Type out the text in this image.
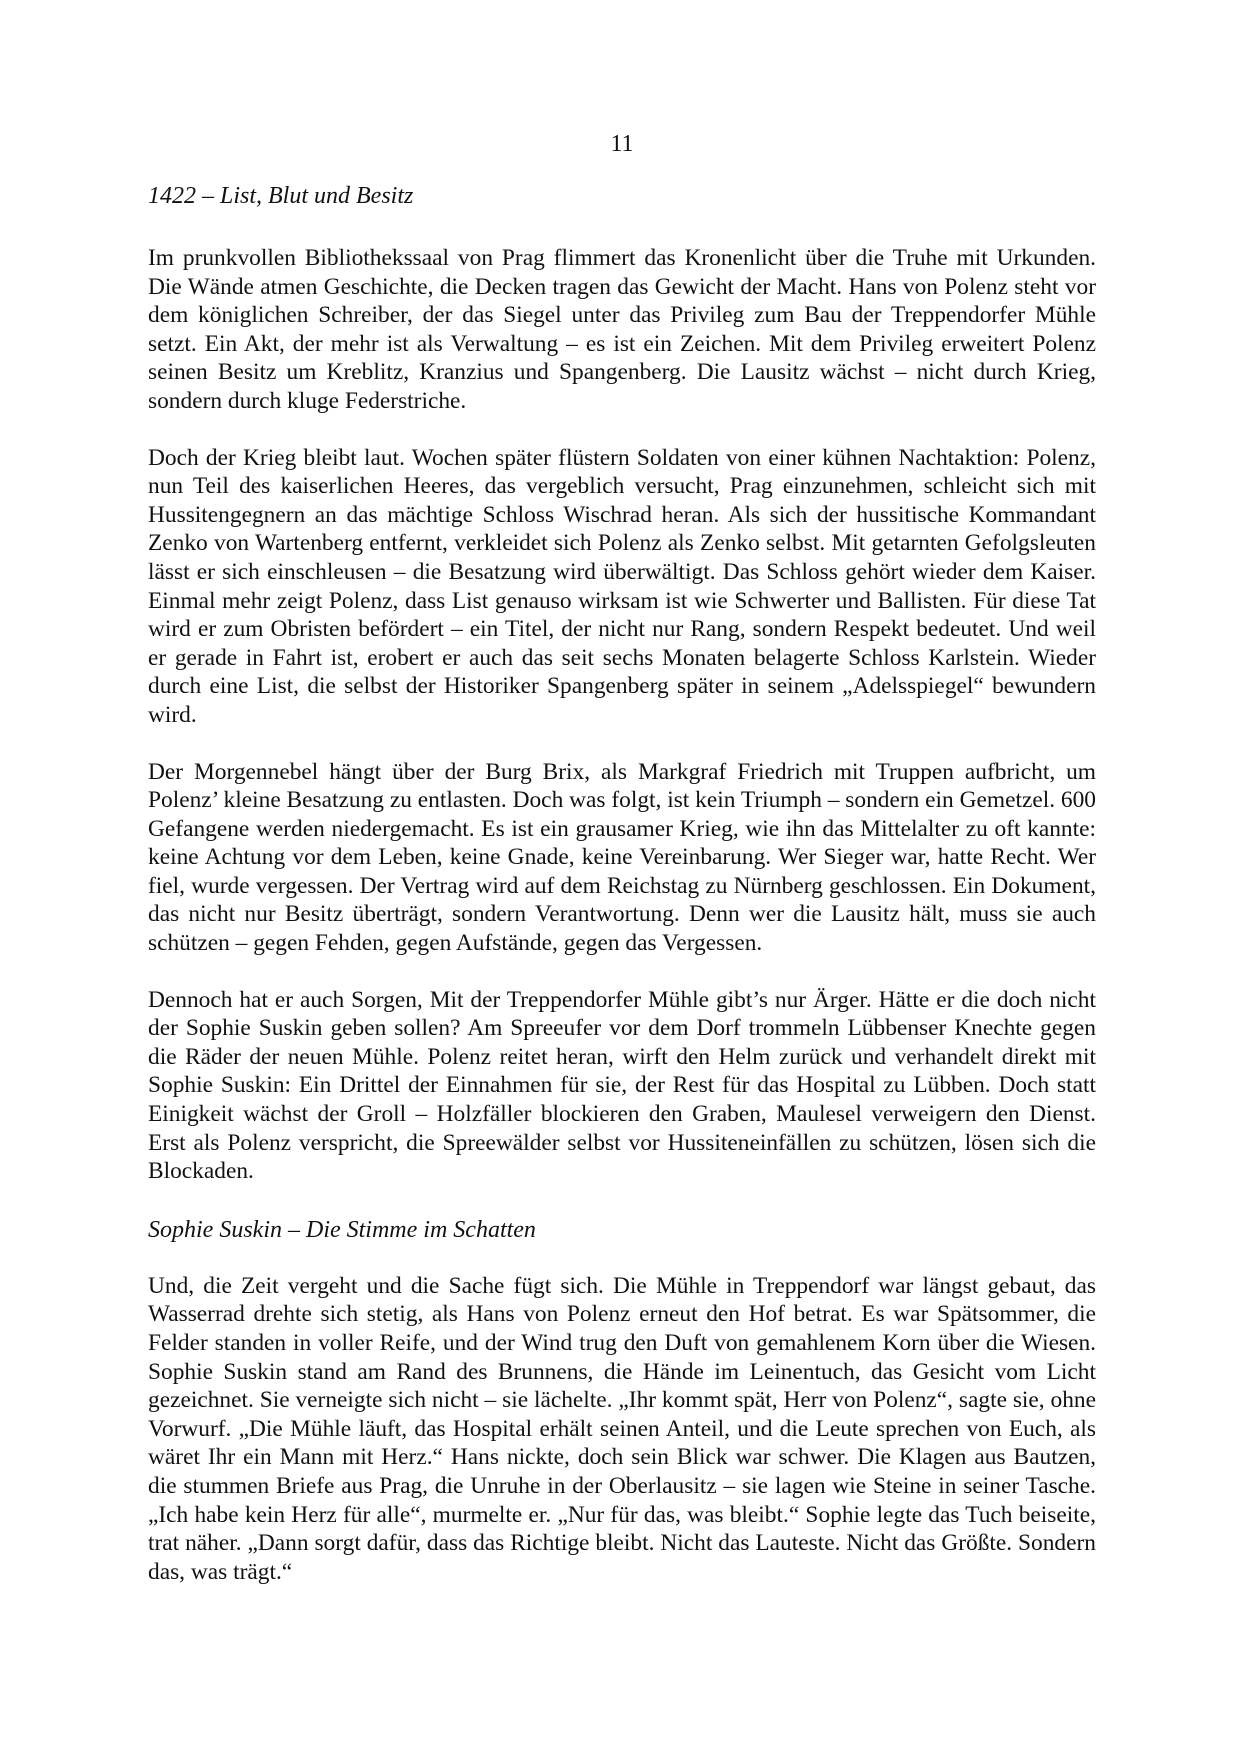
11
1422 – List, Blut und Besitz

Im prunkvollen Bibliothekssaal von Prag flimmert das Kronenlicht über die Truhe mit Urkunden. Die Wände atmen Geschichte, die Decken tragen das Gewicht der Macht. Hans von Polenz steht vor dem königlichen Schreiber, der das Siegel unter das Privileg zum Bau der Treppendorfer Mühle setzt. Ein Akt, der mehr ist als Verwaltung – es ist ein Zeichen. Mit dem Privileg erweitert Polenz seinen Besitz um Kreblitz, Kranzius und Spangenberg. Die Lausitz wächst – nicht durch Krieg, sondern durch kluge Federstriche.

Doch der Krieg bleibt laut. Wochen später flüstern Soldaten von einer kühnen Nachtaktion: Polenz, nun Teil des kaiserlichen Heeres, das vergeblich versucht, Prag einzunehmen, schleicht sich mit Hussitengegnern an das mächtige Schloss Wischrad heran. Als sich der hussitische Kommandant Zenko von Wartenberg entfernt, verkleidet sich Polenz als Zenko selbst. Mit getarnten Gefolgsleuten lässt er sich einschleusen – die Besatzung wird überwältigt. Das Schloss gehört wieder dem Kaiser. Einmal mehr zeigt Polenz, dass List genauso wirksam ist wie Schwerter und Ballisten. Für diese Tat wird er zum Obristen befördert – ein Titel, der nicht nur Rang, sondern Respekt bedeutet. Und weil er gerade in Fahrt ist, erobert er auch das seit sechs Monaten belagerte Schloss Karlstein. Wieder durch eine List, die selbst der Historiker Spangenberg später in seinem „Adelsspiegel“ bewundern wird.

Der Morgennebel hängt über der Burg Brix, als Markgraf Friedrich mit Truppen aufbricht, um Polenz’ kleine Besatzung zu entlasten. Doch was folgt, ist kein Triumph – sondern ein Gemetzel. 600 Gefangene werden niedergemacht. Es ist ein grausamer Krieg, wie ihn das Mittelalter zu oft kannte: keine Achtung vor dem Leben, keine Gnade, keine Vereinbarung. Wer Sieger war, hatte Recht. Wer fiel, wurde vergessen. Der Vertrag wird auf dem Reichstag zu Nürnberg geschlossen. Ein Dokument, das nicht nur Besitz überträgt, sondern Verantwortung. Denn wer die Lausitz hält, muss sie auch schützen – gegen Fehden, gegen Aufstände, gegen das Vergessen.

Dennoch hat er auch Sorgen, Mit der Treppendorfer Mühle gibt’s nur Ärger. Hätte er die doch nicht der Sophie Suskin geben sollen? Am Spreeufer vor dem Dorf trommeln Lübbenser Knechte gegen die Räder der neuen Mühle. Polenz reitet heran, wirft den Helm zurück und verhandelt direkt mit Sophie Suskin: Ein Drittel der Einnahmen für sie, der Rest für das Hospital zu Lübben. Doch statt Einigkeit wächst der Groll – Holzfäller blockieren den Graben, Maulesel verweigern den Dienst. Erst als Polenz verspricht, die Spreewälder selbst vor Hussiteneinfällen zu schützen, lösen sich die Blockaden.

Sophie Suskin – Die Stimme im Schatten

Und, die Zeit vergeht und die Sache fügt sich. Die Mühle in Treppendorf war längst gebaut, das Wasserrad drehte sich stetig, als Hans von Polenz erneut den Hof betrat. Es war Spätsommer, die Felder standen in voller Reife, und der Wind trug den Duft von gemahlenem Korn über die Wiesen. Sophie Suskin stand am Rand des Brunnens, die Hände im Leinentuch, das Gesicht vom Licht gezeichnet. Sie verneigte sich nicht – sie lächelte. „Ihr kommt spät, Herr von Polenz“, sagte sie, ohne Vorwurf. „Die Mühle läuft, das Hospital erhält seinen Anteil, und die Leute sprechen von Euch, als wäret Ihr ein Mann mit Herz.“ Hans nickte, doch sein Blick war schwer. Die Klagen aus Bautzen, die stummen Briefe aus Prag, die Unruhe in der Oberlausitz – sie lagen wie Steine in seiner Tasche. „Ich habe kein Herz für alle“, murmelte er. „Nur für das, was bleibt.“ Sophie legte das Tuch beiseite, trat näher. „Dann sorgt dafür, dass das Richtige bleibt. Nicht das Lauteste. Nicht das Größte. Sondern das, was trägt.“
